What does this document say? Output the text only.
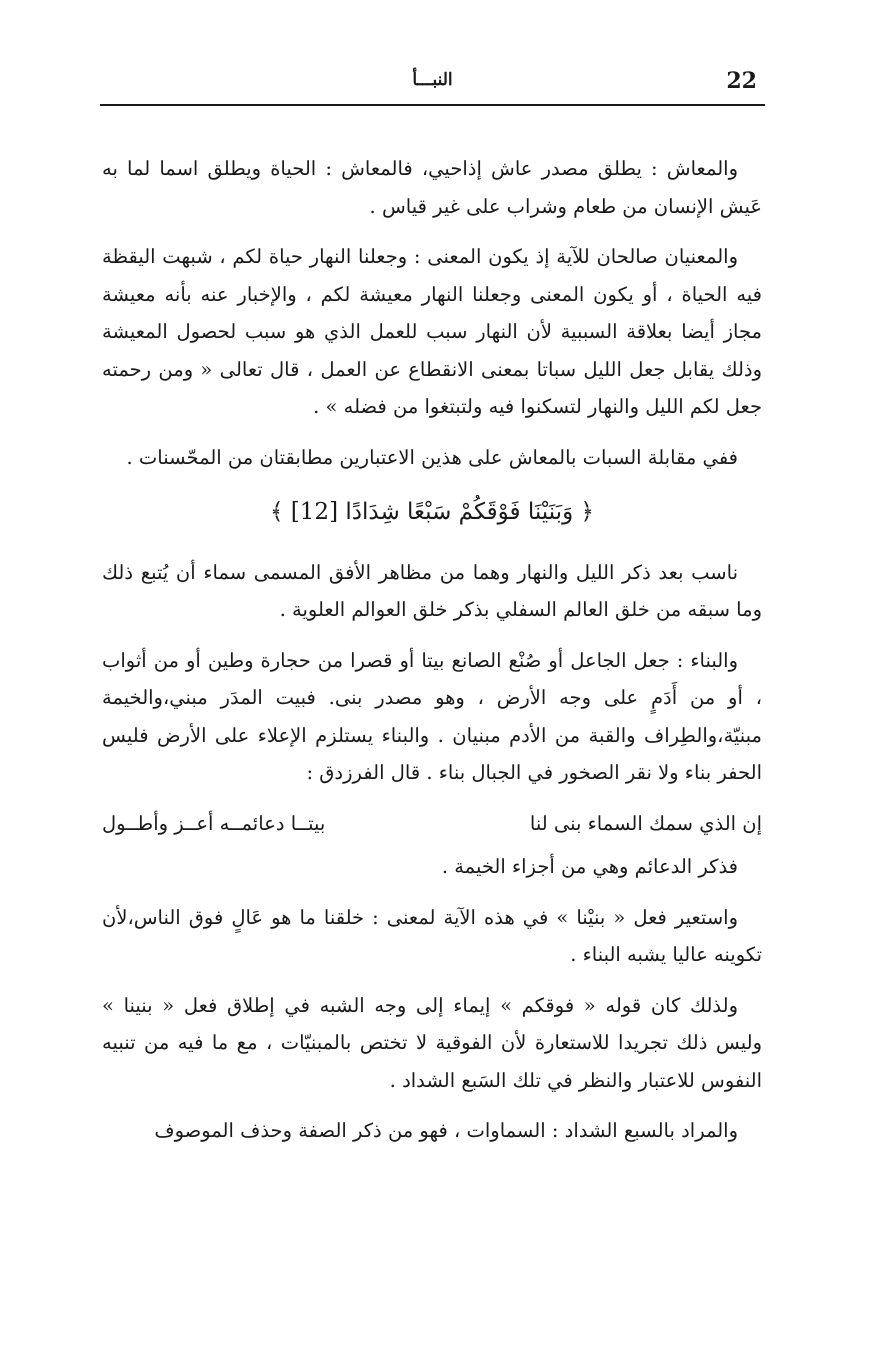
22
النبـــأ

والمعاش : يطلق مصدر عاش إذاحيي، فالمعاش : الحياة ويطلق اسما لما به عَيش الإنسان من طعام وشراب على غير قياس .

والمعنيان صالحان للآية إذ يكون المعنى : وجعلنا النهار حياة لكم ، شبهت اليقظة فيه الحياة ، أو يكون المعنى وجعلنا النهار معيشة لكم ، والإخبار عنه بأنه معيشة مجاز أيضا بعلاقة السببية لأن النهار سبب للعمل الذي هو سبب لحصول المعيشة وذلك يقابل جعل الليل سباتا بمعنى الانقطاع عن العمل ، قال تعالى « ومن رحمته جعل لكم الليل والنهار لتسكنوا فيه ولتبتغوا من فضله » .

ففي مقابلة السبات بالمعاش على هذين الاعتبارين مطابقتان من المحّسنات .

﴿ وَبَنَيْنَا فَوْقَكُمْ سَبْعًا شِدَادًا [12] ﴾

ناسب بعد ذكر الليل والنهار وهما من مظاهر الأفق المسمى سماء أن يُتبع ذلك وما سبقه من خلق العالم السفلي بذكر خلق العوالم العلوية .

والبناء : جعل الجاعل أو صُنْع الصانع بيتا أو قصرا من حجارة وطين أو من أثواب ، أو من أَدَمٍ على وجه الأرض ، وهو مصدر بنى. فبيت المدَر مبني،والخيمة مبنيّة،والطِراف والقبة من الأدم مبنيان . والبناء يستلزم الإعلاء على الأرض فليس الحفر بناء ولا نقر الصخور في الجبال بناء . قال الفرزدق :

إن الذي سمك السماء بنى لنا
بيتــا دعائمــه أعــز وأطــول

فذكر الدعائم وهي من أجزاء الخيمة .

واستعير فعل « بنيْنا » في هذه الآية لمعنى : خلقنا ما هو عَالٍ فوق الناس،لأن تكوينه عاليا يشبه البناء .

ولذلك كان قوله « فوقكم » إيماء إلى وجه الشبه في إطلاق فعل « بنينا » وليس ذلك تجريدا للاستعارة لأن الفوقية لا تختص بالمبنيّات ، مع ما فيه من تنبيه النفوس للاعتبار والنظر في تلك السَبع الشداد .

والمراد بالسبع الشداد : السماوات ، فهو من ذكر الصفة وحذف الموصوف
